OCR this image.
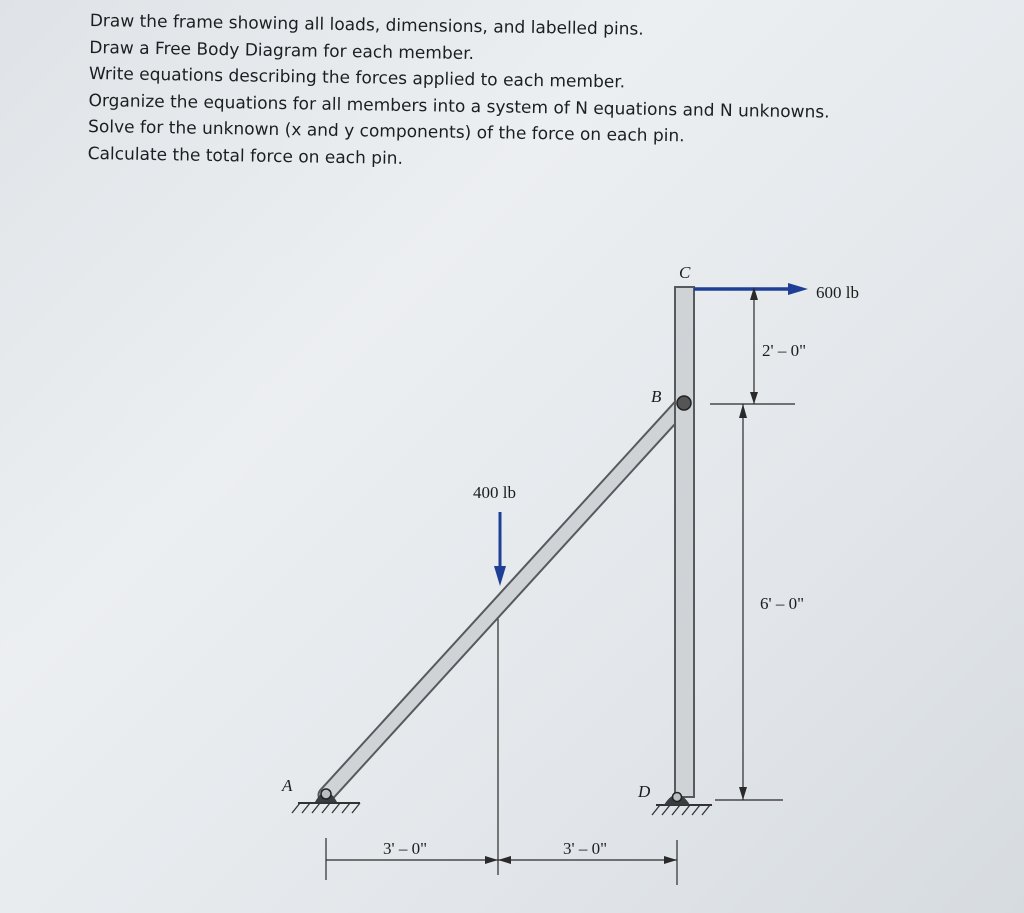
Draw the frame showing all loads, dimensions, and labelled pins.
Draw a Free Body Diagram for each member.
Write equations describing the forces applied to each member.
Organize the equations for all members into a system of N equations and N unknowns.
Solve for the unknown (x and y components) of the force on each pin.
Calculate the total force on each pin.
C
B
A	D
600 lb
400 lb
2' – 0"
6' – 0"
3' – 0"	3' – 0"
